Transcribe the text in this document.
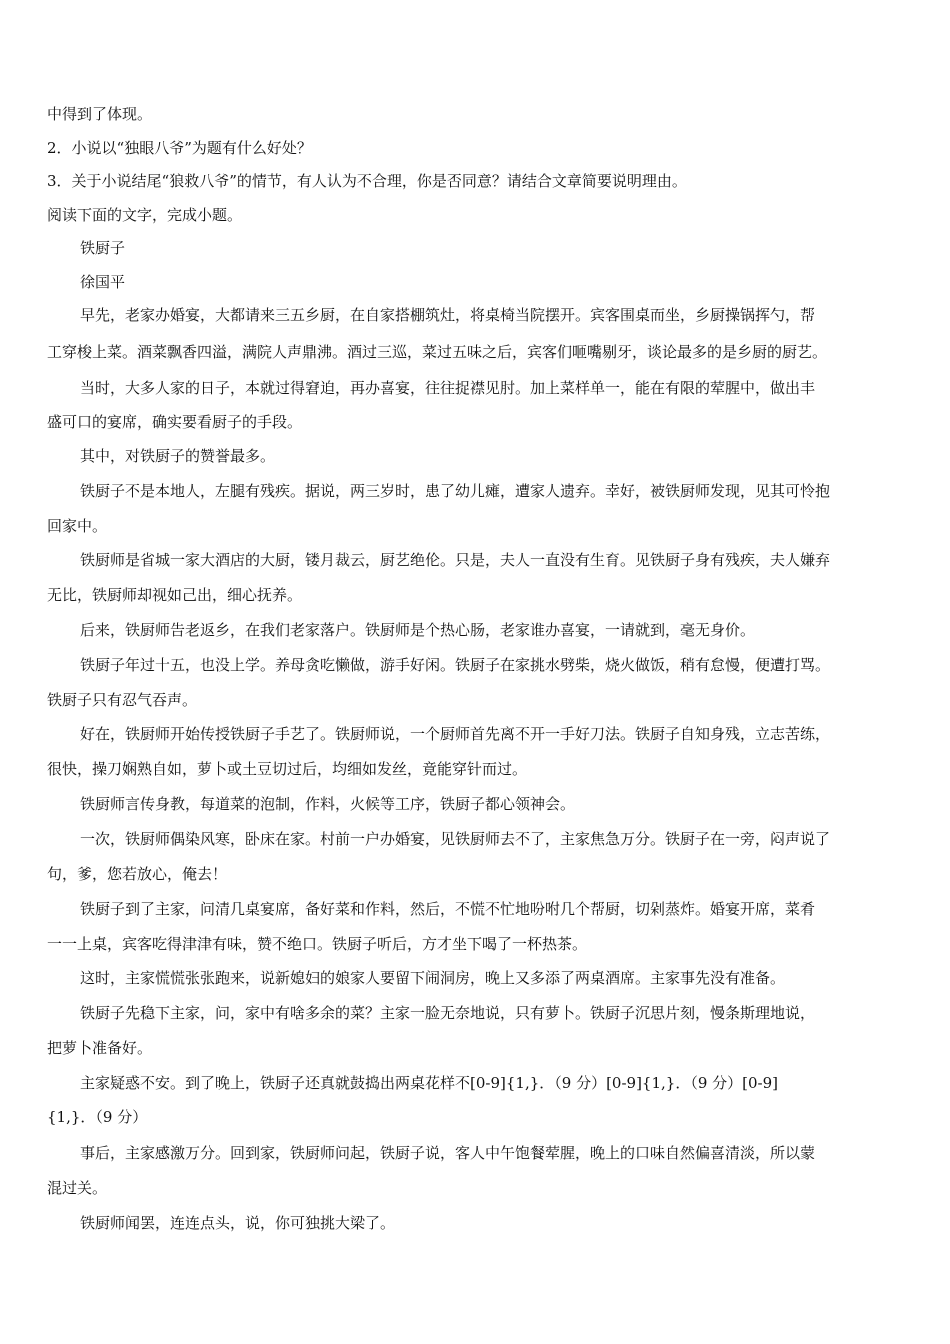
中得到了体现。
2．小说以“独眼八爷”为题有什么好处？
3．关于小说结尾“狼救八爷”的情节，有人认为不合理，你是否同意？请结合文章简要说明理由。
阅读下面的文字，完成小题。
铁厨子
徐国平
早先，老家办婚宴，大都请来三五乡厨，在自家搭棚筑灶，将桌椅当院摆开。宾客围桌而坐，乡厨操锅挥勺，帮
工穿梭上菜。酒菜飘香四溢，满院人声鼎沸。酒过三巡，菜过五味之后，宾客们咂嘴剔牙，谈论最多的是乡厨的厨艺。
当时，大多人家的日子，本就过得窘迫，再办喜宴，往往捉襟见肘。加上菜样单一，能在有限的荤腥中，做出丰
盛可口的宴席，确实要看厨子的手段。
其中，对铁厨子的赞誉最多。
铁厨子不是本地人，左腿有残疾。据说，两三岁时，患了幼儿瘫，遭家人遗弃。幸好，被铁厨师发现，见其可怜抱
回家中。
铁厨师是省城一家大酒店的大厨，镂月裁云，厨艺绝伦。只是，夫人一直没有生育。见铁厨子身有残疾，夫人嫌弃
无比，铁厨师却视如己出，细心抚养。
后来，铁厨师告老返乡，在我们老家落户。铁厨师是个热心肠，老家谁办喜宴，一请就到，毫无身价。
铁厨子年过十五，也没上学。养母贪吃懒做，游手好闲。铁厨子在家挑水劈柴，烧火做饭，稍有怠慢，便遭打骂。
铁厨子只有忍气吞声。
好在，铁厨师开始传授铁厨子手艺了。铁厨师说，一个厨师首先离不开一手好刀法。铁厨子自知身残，立志苦练，
很快，操刀娴熟自如，萝卜或土豆切过后，均细如发丝，竟能穿针而过。
铁厨师言传身教，每道菜的泡制，作料，火候等工序，铁厨子都心领神会。
一次，铁厨师偶染风寒，卧床在家。村前一户办婚宴，见铁厨师去不了，主家焦急万分。铁厨子在一旁，闷声说了
句，爹，您若放心，俺去！
铁厨子到了主家，问清几桌宴席，备好菜和作料，然后，不慌不忙地吩咐几个帮厨，切剁蒸炸。婚宴开席，菜肴
一一上桌，宾客吃得津津有味，赞不绝口。铁厨子听后，方才坐下喝了一杯热茶。
这时，主家慌慌张张跑来，说新媳妇的娘家人要留下闹洞房，晚上又多添了两桌酒席。主家事先没有准备。
铁厨子先稳下主家，问，家中有啥多余的菜？主家一脸无奈地说，只有萝卜。铁厨子沉思片刻，慢条斯理地说，
把萝卜准备好。
主家疑惑不安。到了晚上，铁厨子还真就鼓捣出两桌花样不[0-9]{1,}．（9 分）[0-9]{1,}．（9 分）[0-9]
{1,}．（9 分）
事后，主家感激万分。回到家，铁厨师问起，铁厨子说，客人中午饱餐荤腥，晚上的口味自然偏喜清淡，所以蒙
混过关。
铁厨师闻罢，连连点头，说，你可独挑大梁了。
